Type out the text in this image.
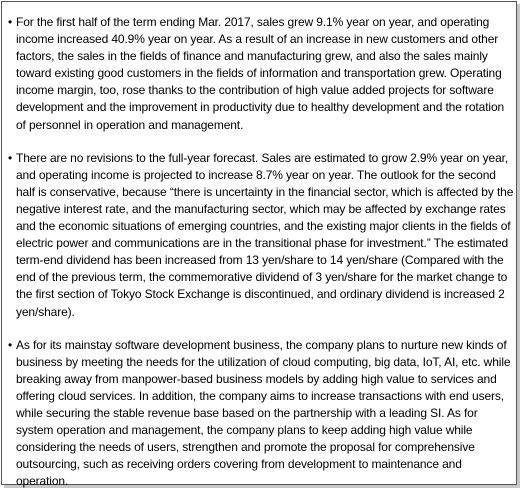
• For the first half of the term ending Mar. 2017, sales grew 9.1% year on year, and operating income increased 40.9% year on year. As a result of an increase in new customers and other factors, the sales in the fields of finance and manufacturing grew, and also the sales mainly toward existing good customers in the fields of information and transportation grew. Operating income margin, too, rose thanks to the contribution of high value added projects for software development and the improvement in productivity due to healthy development and the rotation of personnel in operation and management.
• There are no revisions to the full-year forecast. Sales are estimated to grow 2.9% year on year, and operating income is projected to increase 8.7% year on year. The outlook for the second half is conservative, because “there is uncertainty in the financial sector, which is affected by the negative interest rate, and the manufacturing sector, which may be affected by exchange rates and the economic situations of emerging countries, and the existing major clients in the fields of electric power and communications are in the transitional phase for investment.” The estimated term-end dividend has been increased from 13 yen/share to 14 yen/share (Compared with the end of the previous term, the commemorative dividend of 3 yen/share for the market change to the first section of Tokyo Stock Exchange is discontinued, and ordinary dividend is increased 2 yen/share).
• As for its mainstay software development business, the company plans to nurture new kinds of business by meeting the needs for the utilization of cloud computing, big data, IoT, AI, etc. while breaking away from manpower-based business models by adding high value to services and offering cloud services. In addition, the company aims to increase transactions with end users, while securing the stable revenue base based on the partnership with a leading SI. As for system operation and management, the company plans to keep adding high value while considering the needs of users, strengthen and promote the proposal for comprehensive outsourcing, such as receiving orders covering from development to maintenance and operation.
